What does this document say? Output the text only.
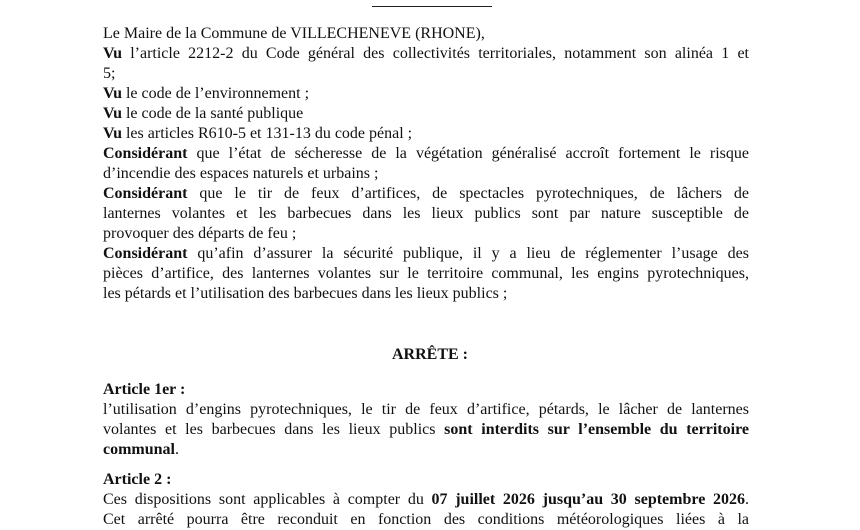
Le Maire de la Commune de VILLECHENEVE (RHONE),
Vu l’article 2212-2 du Code général des collectivités territoriales, notamment son alinéa 1 et
5;
Vu le code de l’environnement ;
Vu le code de la santé publique
Vu les articles R610-5 et 131-13 du code pénal ;
Considérant que l’état de sécheresse de la végétation généralisé accroît fortement le risque
d’incendie des espaces naturels et urbains ;
Considérant que le tir de feux d’artifices, de spectacles pyrotechniques, de lâchers de
lanternes volantes et les barbecues dans les lieux publics sont par nature susceptible de
provoquer des départs de feu ;
Considérant qu’afin d’assurer la sécurité publique, il y a lieu de réglementer l’usage des
pièces d’artifice, des lanternes volantes sur le territoire communal, les engins pyrotechniques,
les pétards et l’utilisation des barbecues dans les lieux publics ;
ARRÊTE :
Article 1er :
l’utilisation d’engins pyrotechniques, le tir de feux d’artifice, pétards, le lâcher de lanternes
volantes et les barbecues dans les lieux publics sont interdits sur l’ensemble du territoire
communal.
Article 2 :
Ces dispositions sont applicables à compter du 07 juillet 2026 jusqu’au 30 septembre 2026.
Cet arrêté pourra être reconduit en fonction des conditions météorologiques liées à la
